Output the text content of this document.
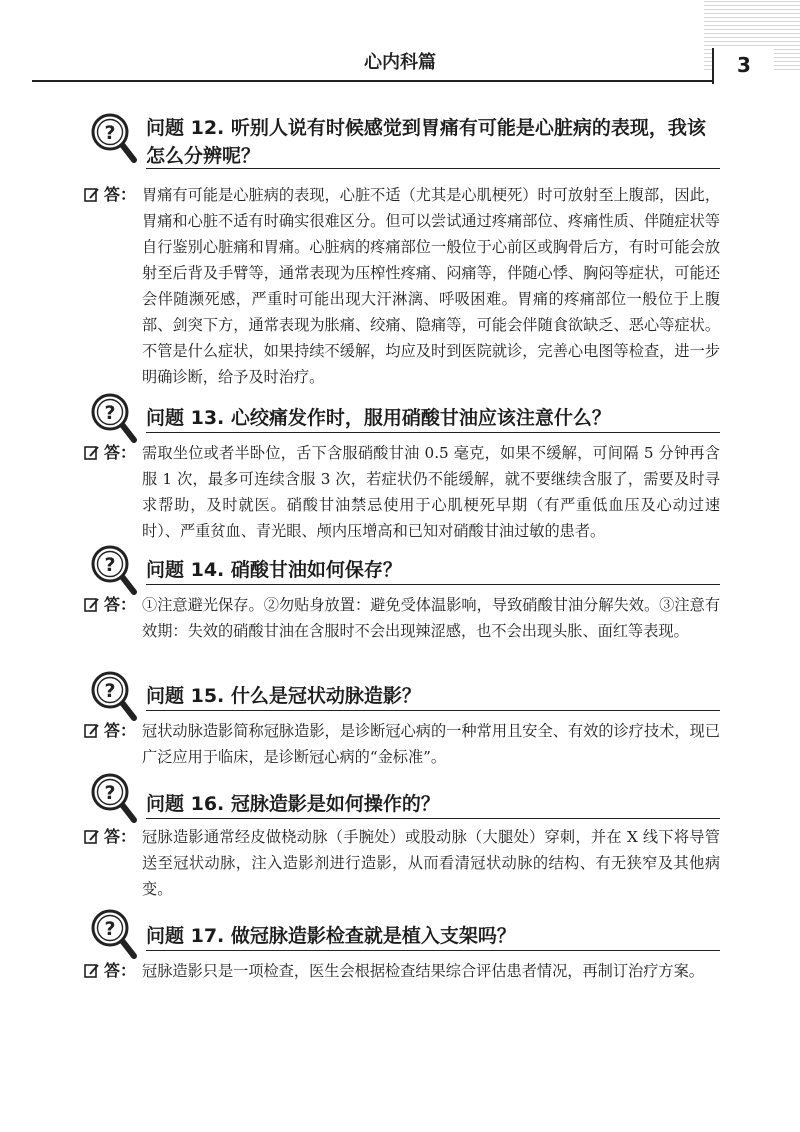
心内科篇	3
? 问题 12. 听别人说有时候感觉到胃痛有可能是心脏病的表现，我该怎么分辨呢？
答： 胃痛有可能是心脏病的表现，心脏不适（尤其是心肌梗死）时可放射至上腹部，因此，胃痛和心脏不适有时确实很难区分。但可以尝试通过疼痛部位、疼痛性质、伴随症状等自行鉴别心脏痛和胃痛。心脏病的疼痛部位一般位于心前区或胸骨后方，有时可能会放射至后背及手臂等，通常表现为压榨性疼痛、闷痛等，伴随心悸、胸闷等症状，可能还会伴随濒死感，严重时可能出现大汗淋漓、呼吸困难。胃痛的疼痛部位一般位于上腹部、剑突下方，通常表现为胀痛、绞痛、隐痛等，可能会伴随食欲缺乏、恶心等症状。不管是什么症状，如果持续不缓解，均应及时到医院就诊，完善心电图等检查，进一步明确诊断，给予及时治疗。
? 问题 13. 心绞痛发作时，服用硝酸甘油应该注意什么？
答： 需取坐位或者半卧位，舌下含服硝酸甘油 0.5 毫克，如果不缓解，可间隔 5 分钟再含服 1 次，最多可连续含服 3 次，若症状仍不能缓解，就不要继续含服了，需要及时寻求帮助，及时就医。硝酸甘油禁忌使用于心肌梗死早期（有严重低血压及心动过速时）、严重贫血、青光眼、颅内压增高和已知对硝酸甘油过敏的患者。
? 问题 14. 硝酸甘油如何保存？
答： ①注意避光保存。②勿贴身放置：避免受体温影响，导致硝酸甘油分解失效。③注意有效期：失效的硝酸甘油在含服时不会出现辣涩感，也不会出现头胀、面红等表现。
? 问题 15. 什么是冠状动脉造影？
答： 冠状动脉造影简称冠脉造影，是诊断冠心病的一种常用且安全、有效的诊疗技术，现已广泛应用于临床，是诊断冠心病的“金标准”。
? 问题 16. 冠脉造影是如何操作的？
答： 冠脉造影通常经皮做桡动脉（手腕处）或股动脉（大腿处）穿刺，并在 X 线下将导管送至冠状动脉，注入造影剂进行造影，从而看清冠状动脉的结构、有无狭窄及其他病变。
? 问题 17. 做冠脉造影检查就是植入支架吗？
答： 冠脉造影只是一项检查，医生会根据检查结果综合评估患者情况，再制订治疗方案。
